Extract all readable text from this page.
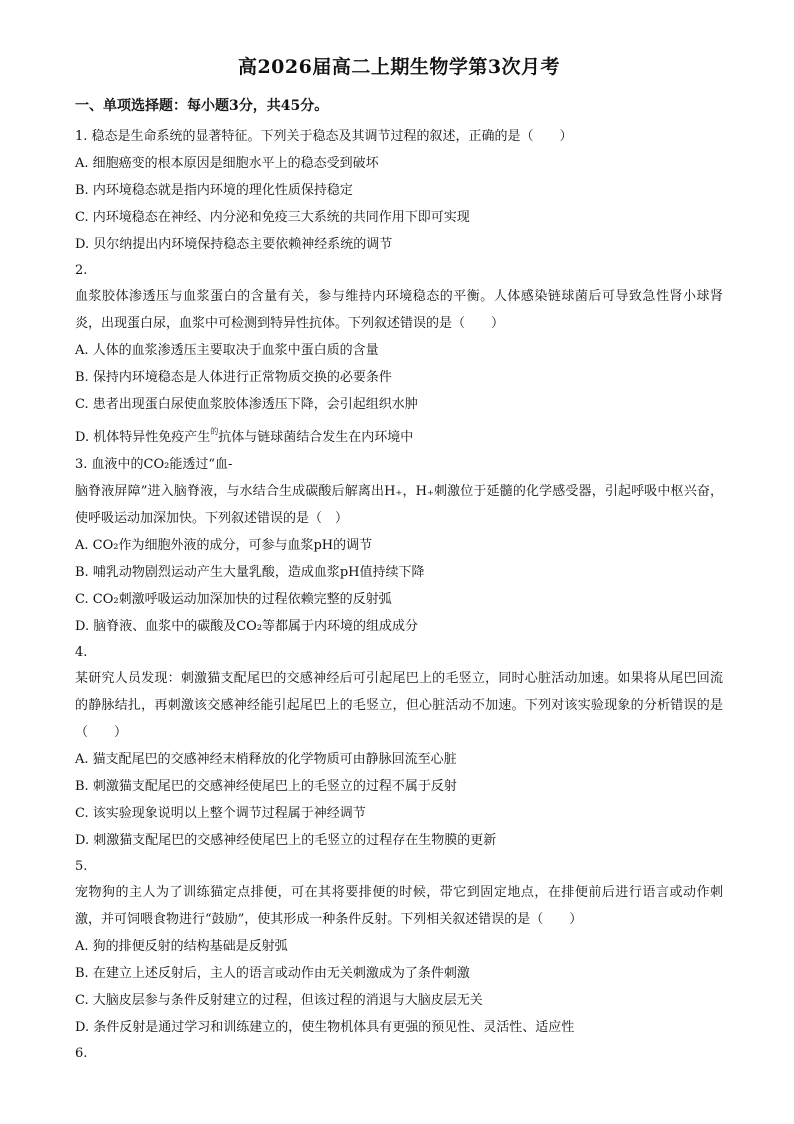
高2026届高二上期生物学第3次月考
一、单项选择题：每小题3分，共45分。
1. 稳态是生命系统的显著特征。下列关于稳态及其调节过程的叙述，正确的是（　　）
A. 细胞癌变的根本原因是细胞水平上的稳态受到破坏
B. 内环境稳态就是指内环境的理化性质保持稳定
C. 内环境稳态在神经、内分泌和免疫三大系统的共同作用下即可实现
D. 贝尔纳提出内环境保持稳态主要依赖神经系统的调节
2.
血浆胶体渗透压与血浆蛋白的含量有关，参与维持内环境稳态的平衡。人体感染链球菌后可导致急性肾小球肾炎，出现蛋白尿，血浆中可检测到特异性抗体。下列叙述错误的是（　　）
A. 人体的血浆渗透压主要取决于血浆中蛋白质的含量
B. 保持内环境稳态是人体进行正常物质交换的必要条件
C. 患者出现蛋白尿使血浆胶体渗透压下降，会引起组织水肿
D. 机体特异性免疫产生$^的$抗体与链球菌结合发生在内环境中
3. 血液中的CO₂能透过“血-
脑脊液屏障”进入脑脊液，与水结合生成碳酸后解离出H₊，H₊刺激位于延髓的化学感受器，引起呼吸中枢兴奋，使呼吸运动加深加快。下列叙述错误的是（　）
A. CO₂作为细胞外液的成分，可参与血浆pH的调节
B. 哺乳动物剧烈运动产生大量乳酸，造成血浆pH值持续下降
C. CO₂刺激呼吸运动加深加快的过程依赖完整的反射弧
D. 脑脊液、血浆中的碳酸及CO₂等都属于内环境的组成成分
4.
某研究人员发现：刺激猫支配尾巴的交感神经后可引起尾巴上的毛竖立，同时心脏活动加速。如果将从尾巴回流的静脉结扎，再刺激该交感神经能引起尾巴上的毛竖立，但心脏活动不加速。下列对该实验现象的分析错误的是（　　）
A. 猫支配尾巴的交感神经末梢释放的化学物质可由静脉回流至心脏
B. 刺激猫支配尾巴的交感神经使尾巴上的毛竖立的过程不属于反射
C. 该实验现象说明以上整个调节过程属于神经调节
D. 刺激猫支配尾巴的交感神经使尾巴上的毛竖立的过程存在生物膜的更新
5.
宠物狗的主人为了训练猫定点排便，可在其将要排便的时候，带它到固定地点，在排便前后进行语言或动作刺激，并可饲喂食物进行“鼓励”，使其形成一种条件反射。下列相关叙述错误的是（　　）
A. 狗的排便反射的结构基础是反射弧
B. 在建立上述反射后，主人的语言或动作由无关刺激成为了条件刺激
C. 大脑皮层参与条件反射建立的过程，但该过程的消退与大脑皮层无关
D. 条件反射是通过学习和训练建立的，使生物机体具有更强的预见性、灵活性、适应性
6.
